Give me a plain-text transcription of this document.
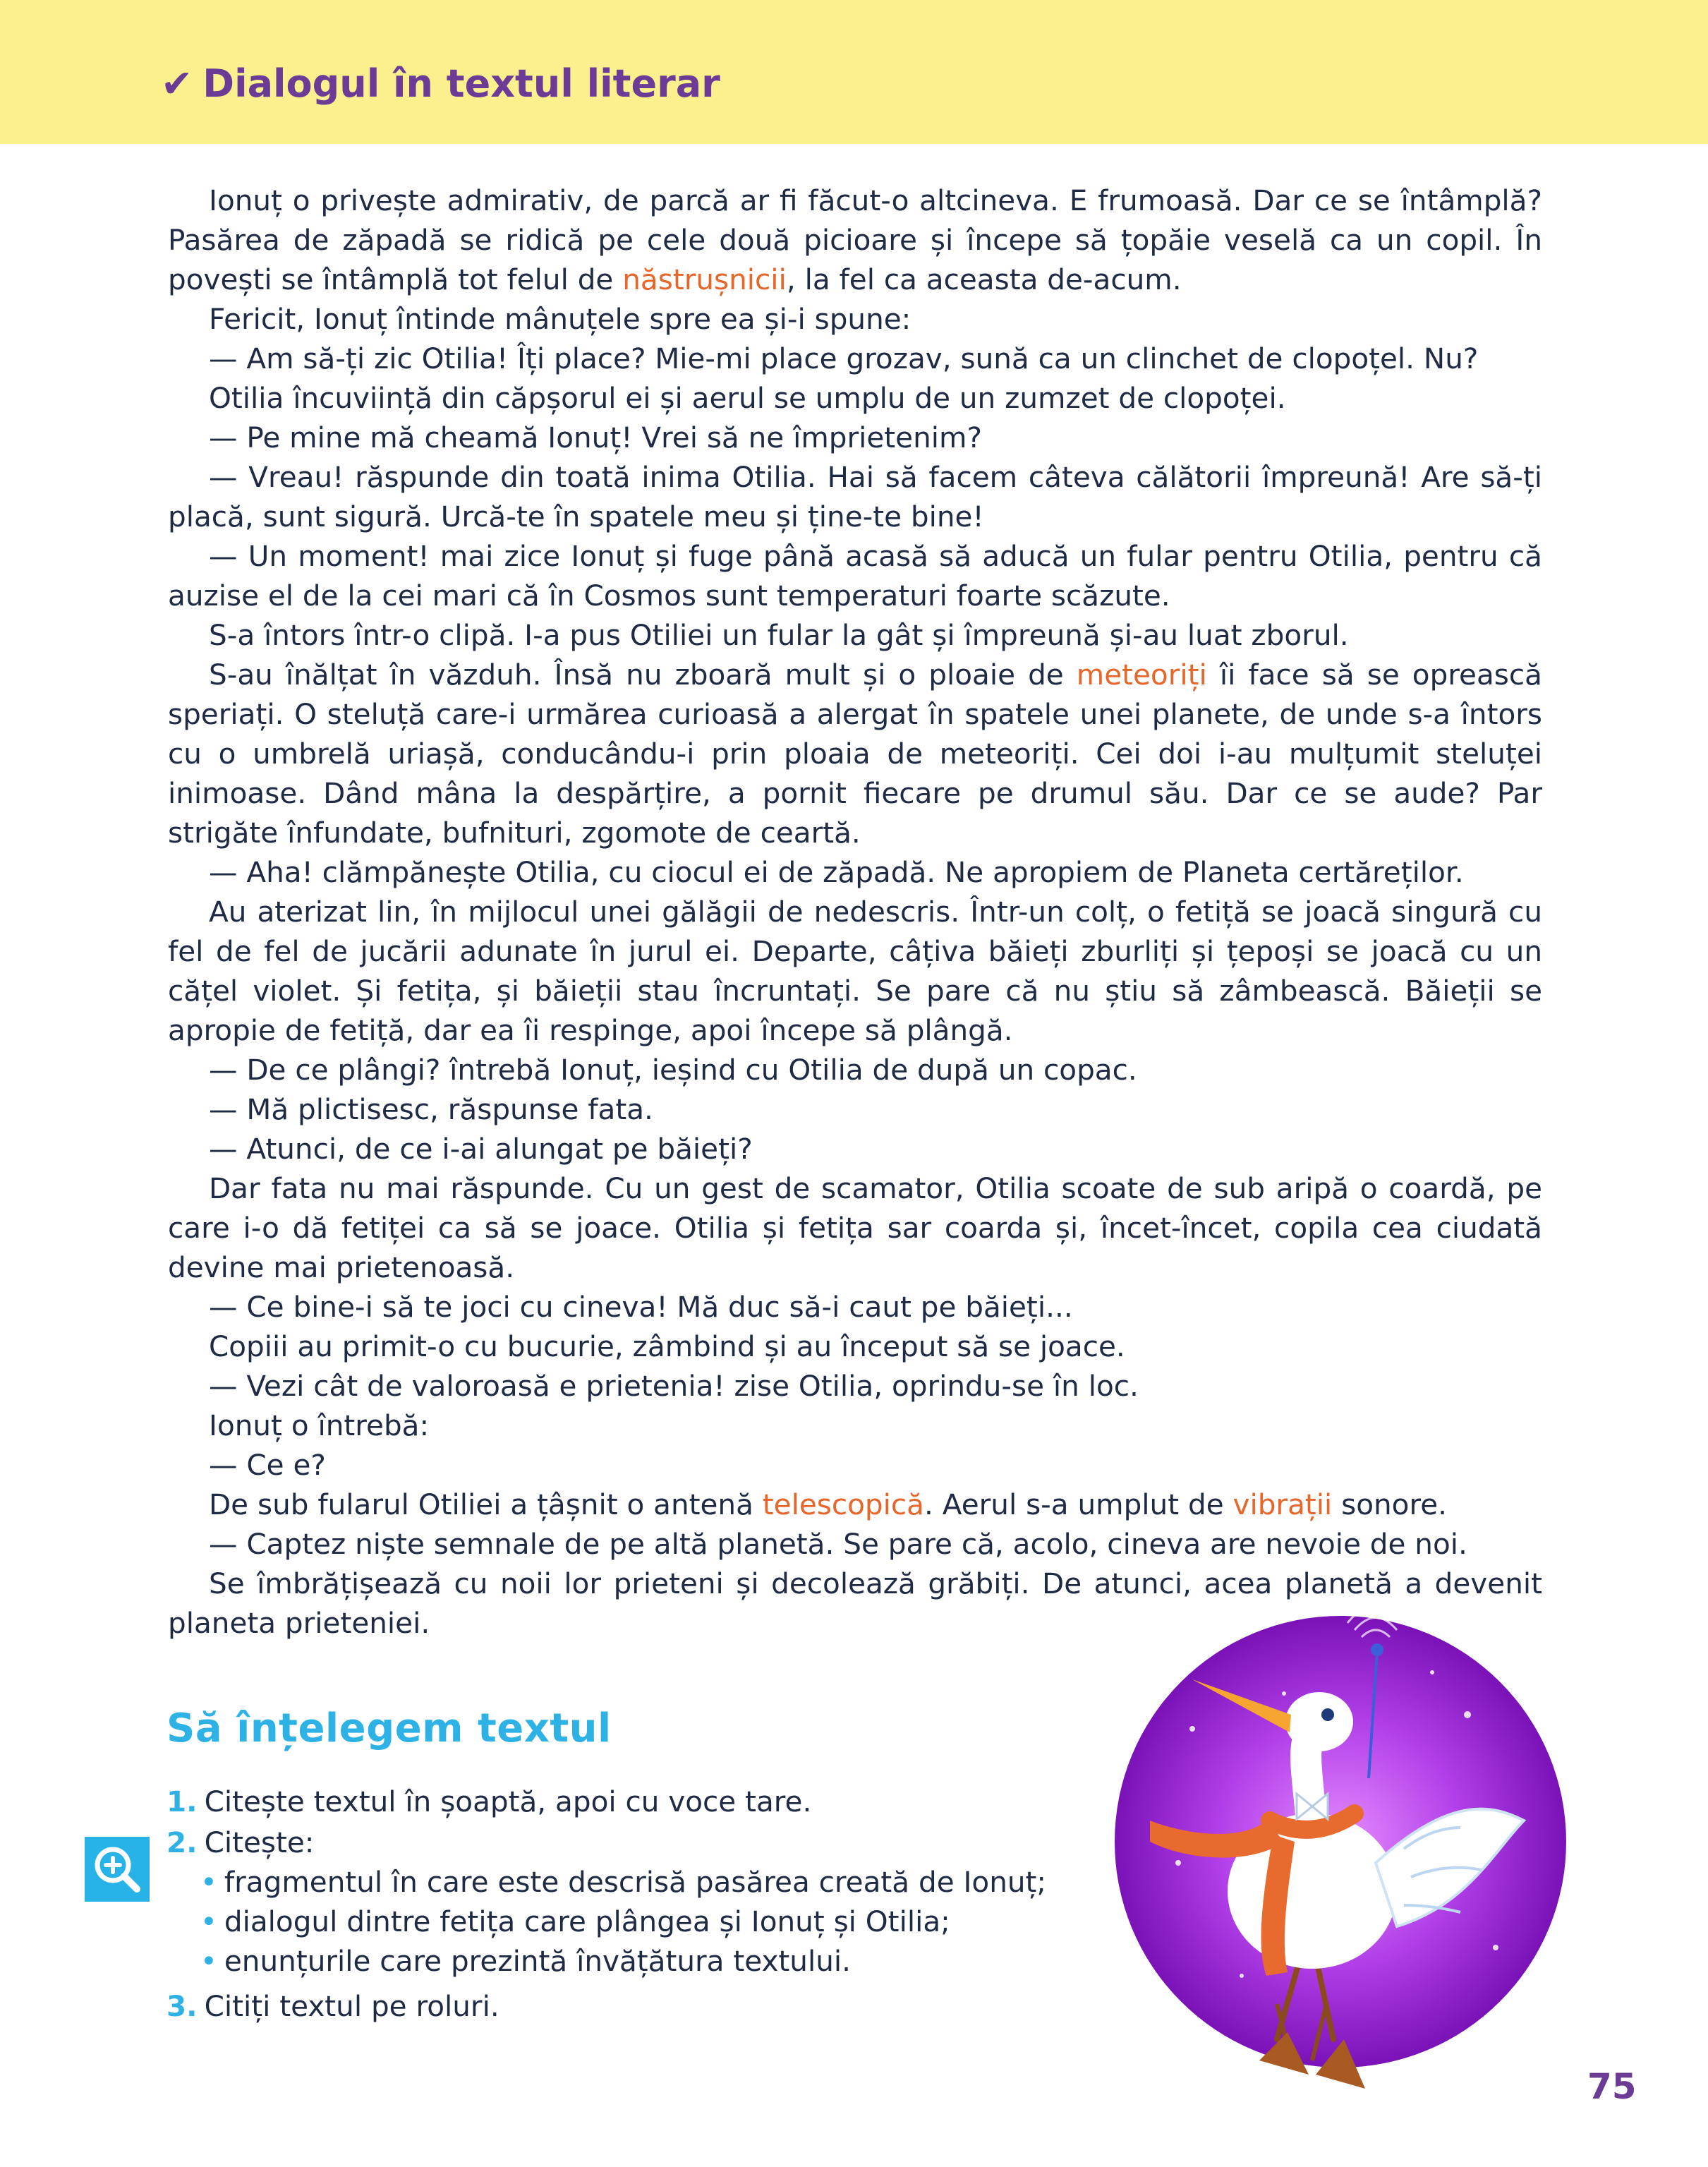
✔ Dialogul în textul literar

Ionuț o privește admirativ, de parcă ar fi făcut-o altcineva. E frumoasă. Dar ce se întâmplă? Pasărea de zăpadă se ridică pe cele două picioare și începe să țopăie veselă ca un copil. În povești se întâmplă tot felul de năstrușnicii, la fel ca aceasta de-acum.

Fericit, Ionuț întinde mânuțele spre ea și-i spune:

— Am să-ți zic Otilia! Îți place? Mie-mi place grozav, sună ca un clinchet de clopoțel. Nu?

Otilia încuviință din căpșorul ei și aerul se umplu de un zumzet de clopoței.

— Pe mine mă cheamă Ionuț! Vrei să ne împrietenim?

— Vreau! răspunde din toată inima Otilia. Hai să facem câteva călătorii împreună! Are să-ți placă, sunt sigură. Urcă-te în spatele meu și ține-te bine!

— Un moment! mai zice Ionuț și fuge până acasă să aducă un fular pentru Otilia, pentru că auzise el de la cei mari că în Cosmos sunt temperaturi foarte scăzute.

S-a întors într-o clipă. I-a pus Otiliei un fular la gât și împreună și-au luat zborul.

S-au înălțat în văzduh. Însă nu zboară mult și o ploaie de meteoriți îi face să se oprească speriați. O steluță care-i urmărea curioasă a alergat în spatele unei planete, de unde s-a întors cu o umbrelă uriașă, conducându-i prin ploaia de meteoriți. Cei doi i-au mulțumit steluței inimoase. Dând mâna la despărțire, a pornit fiecare pe drumul său. Dar ce se aude? Par strigăte înfundate, bufnituri, zgomote de ceartă.

— Aha! clămpănește Otilia, cu ciocul ei de zăpadă. Ne apropiem de Planeta certăreților.

Au aterizat lin, în mijlocul unei gălăgii de nedescris. Într-un colț, o fetiță se joacă singură cu fel de fel de jucării adunate în jurul ei. Departe, câțiva băieți zburliți și țepoși se joacă cu un cățel violet. Și fetița, și băieții stau încruntați. Se pare că nu știu să zâmbească. Băieții se apropie de fetiță, dar ea îi respinge, apoi începe să plângă.

— De ce plângi? întrebă Ionuț, ieșind cu Otilia de după un copac.

— Mă plictisesc, răspunse fata.

— Atunci, de ce i-ai alungat pe băieți?

Dar fata nu mai răspunde. Cu un gest de scamator, Otilia scoate de sub aripă o coardă, pe care i-o dă fetiței ca să se joace. Otilia și fetița sar coarda și, încet-încet, copila cea ciudată devine mai prietenoasă.

— Ce bine-i să te joci cu cineva! Mă duc să-i caut pe băieți...

Copiii au primit-o cu bucurie, zâmbind și au început să se joace.

— Vezi cât de valoroasă e prietenia! zise Otilia, oprindu-se în loc.

Ionuț o întrebă:

— Ce e?

De sub fularul Otiliei a țâșnit o antenă telescopică. Aerul s-a umplut de vibrații sonore.

— Captez niște semnale de pe altă planetă. Se pare că, acolo, cineva are nevoie de noi.

Se îmbrățișează cu noii lor prieteni și decolează grăbiți. De atunci, acea planetă a devenit planeta prieteniei.

Să înțelegem textul
1. Citește textul în șoaptă, apoi cu voce tare.
2. Citește:
• fragmentul în care este descrisă pasărea creată de Ionuț;
• dialogul dintre fetița care plângea și Ionuț și Otilia;
• enunțurile care prezintă învățătura textului.
3. Citiți textul pe roluri.
75
